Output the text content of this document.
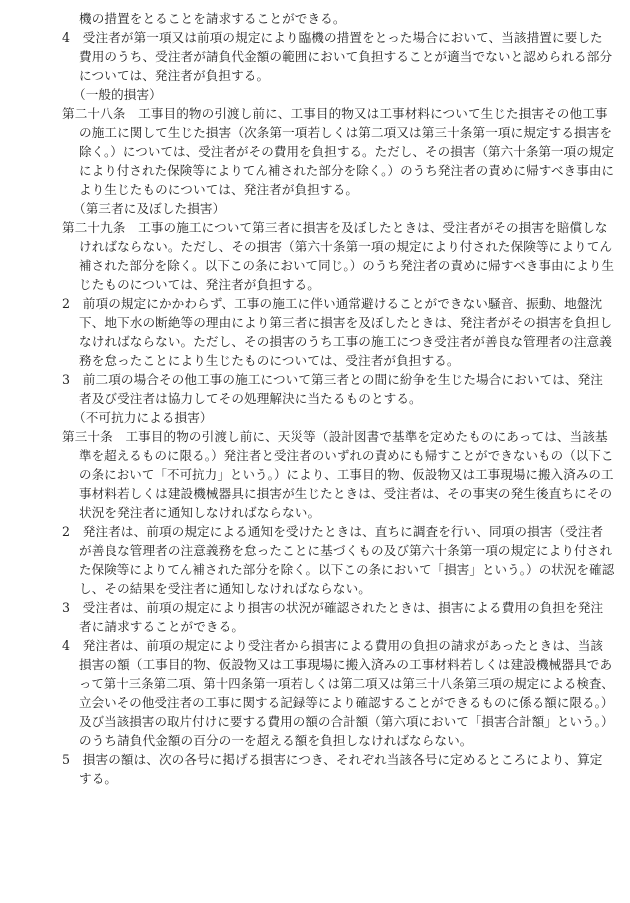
機の措置をとることを請求することができる。
4　受注者が第一項又は前項の規定により臨機の措置をとった場合において、当該措置に要した
費用のうち、受注者が請負代金額の範囲において負担することが適当でないと認められる部分
については、発注者が負担する。
（一般的損害）
第二十八条　工事目的物の引渡し前に、工事目的物又は工事材料について生じた損害その他工事
の施工に関して生じた損害（次条第一項若しくは第二項又は第三十条第一項に規定する損害を
除く。）については、受注者がその費用を負担する。ただし、その損害（第六十条第一項の規定
により付された保険等によりてん補された部分を除く。）のうち発注者の責めに帰すべき事由に
より生じたものについては、発注者が負担する。
（第三者に及ぼした損害）
第二十九条　工事の施工について第三者に損害を及ぼしたときは、受注者がその損害を賠償しな
ければならない。ただし、その損害（第六十条第一項の規定により付された保険等によりてん
補された部分を除く。以下この条において同じ。）のうち発注者の責めに帰すべき事由により生
じたものについては、発注者が負担する。
2　前項の規定にかかわらず、工事の施工に伴い通常避けることができない騒音、振動、地盤沈
下、地下水の断絶等の理由により第三者に損害を及ぼしたときは、発注者がその損害を負担し
なければならない。ただし、その損害のうち工事の施工につき受注者が善良な管理者の注意義
務を怠ったことにより生じたものについては、受注者が負担する。
3　前二項の場合その他工事の施工について第三者との間に紛争を生じた場合においては、発注
者及び受注者は協力してその処理解決に当たるものとする。
（不可抗力による損害）
第三十条　工事目的物の引渡し前に、天災等（設計図書で基準を定めたものにあっては、当該基
準を超えるものに限る。）発注者と受注者のいずれの責めにも帰すことができないもの（以下こ
の条において「不可抗力」という。）により、工事目的物、仮設物又は工事現場に搬入済みの工
事材料若しくは建設機械器具に損害が生じたときは、受注者は、その事実の発生後直ちにその
状況を発注者に通知しなければならない。
2　発注者は、前項の規定による通知を受けたときは、直ちに調査を行い、同項の損害（受注者
が善良な管理者の注意義務を怠ったことに基づくもの及び第六十条第一項の規定により付され
た保険等によりてん補された部分を除く。以下この条において「損害」という。）の状況を確認
し、その結果を受注者に通知しなければならない。
3　受注者は、前項の規定により損害の状況が確認されたときは、損害による費用の負担を発注
者に請求することができる。
4　発注者は、前項の規定により受注者から損害による費用の負担の請求があったときは、当該
損害の額（工事目的物、仮設物又は工事現場に搬入済みの工事材料若しくは建設機械器具であ
って第十三条第二項、第十四条第一項若しくは第二項又は第三十八条第三項の規定による検査、
立会いその他受注者の工事に関する記録等により確認することができるものに係る額に限る。）
及び当該損害の取片付けに要する費用の額の合計額（第六項において「損害合計額」という。）
のうち請負代金額の百分の一を超える額を負担しなければならない。
5　損害の額は、次の各号に掲げる損害につき、それぞれ当該各号に定めるところにより、算定
する。
